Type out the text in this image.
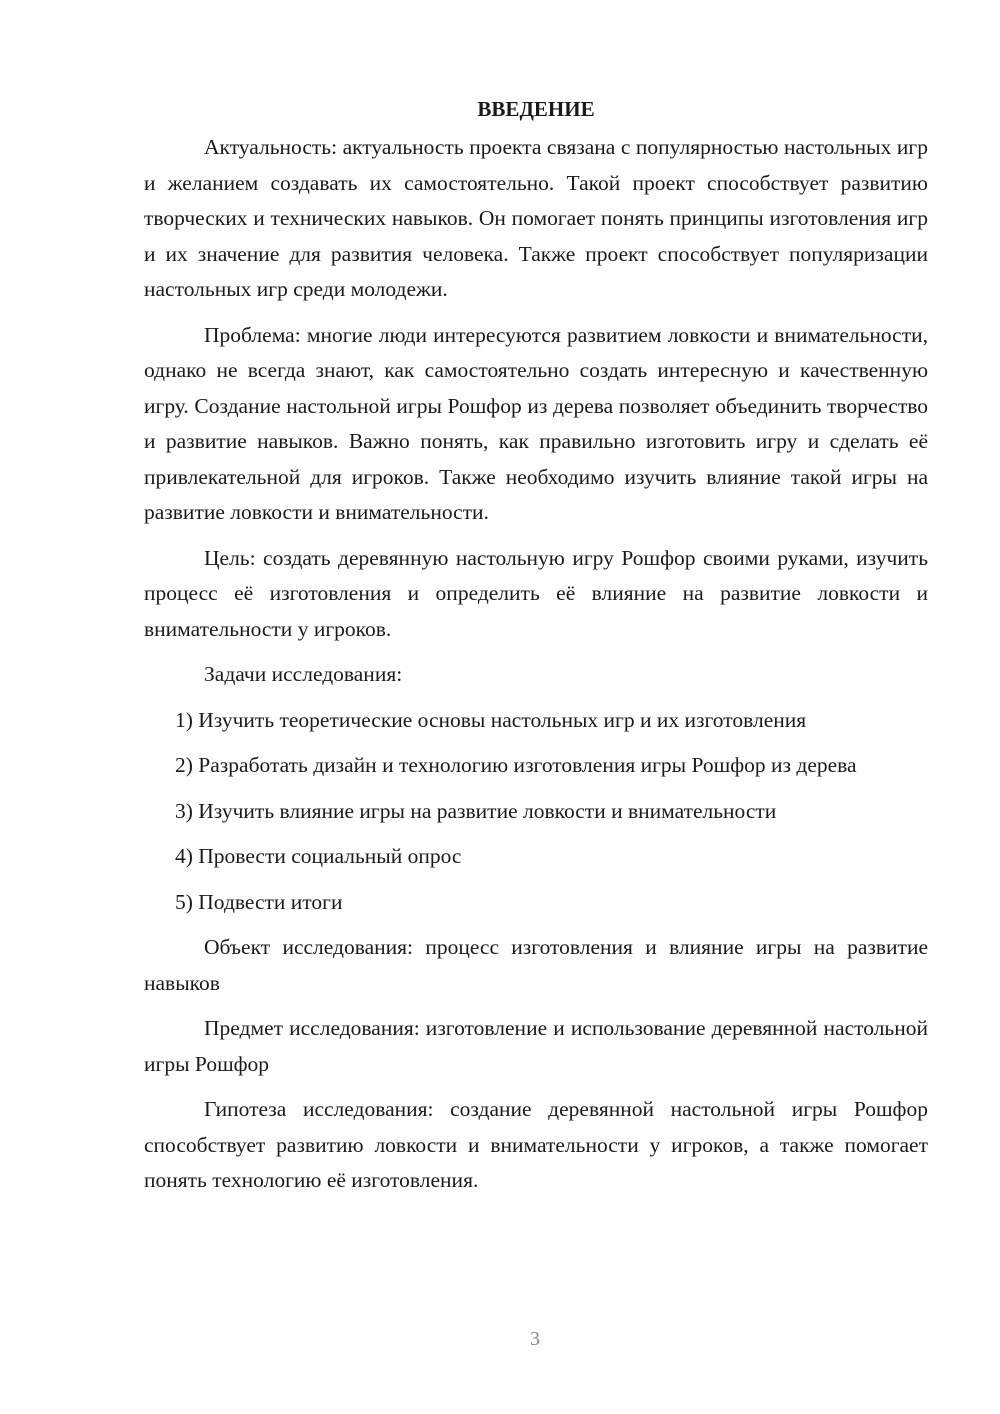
ВВЕДЕНИЕ

Актуальность: актуальность проекта связана с популярностью настольных игр и желанием создавать их самостоятельно. Такой проект способствует развитию творческих и технических навыков. Он помогает понять принципы изготовления игр и их значение для развития человека. Также проект способствует популяризации настольных игр среди молодежи.

Проблема: многие люди интересуются развитием ловкости и внимательности, однако не всегда знают, как самостоятельно создать интересную и качественную игру. Создание настольной игры Рошфор из дерева позволяет объединить творчество и развитие навыков. Важно понять, как правильно изготовить игру и сделать её привлекательной для игроков. Также необходимо изучить влияние такой игры на развитие ловкости и внимательности.

Цель: создать деревянную настольную игру Рошфор своими руками, изучить процесс её изготовления и определить её влияние на развитие ловкости и внимательности у игроков.

Задачи исследования:

1) Изучить теоретические основы настольных игр и их изготовления

2) Разработать дизайн и технологию изготовления игры Рошфор из дерева

3) Изучить влияние игры на развитие ловкости и внимательности

4) Провести социальный опрос

5) Подвести итоги

Объект исследования: процесс изготовления и влияние игры на развитие навыков

Предмет исследования: изготовление и использование деревянной настольной игры Рошфор

Гипотеза исследования: создание деревянной настольной игры Рошфор способствует развитию ловкости и внимательности у игроков, а также помогает понять технологию её изготовления.

3
